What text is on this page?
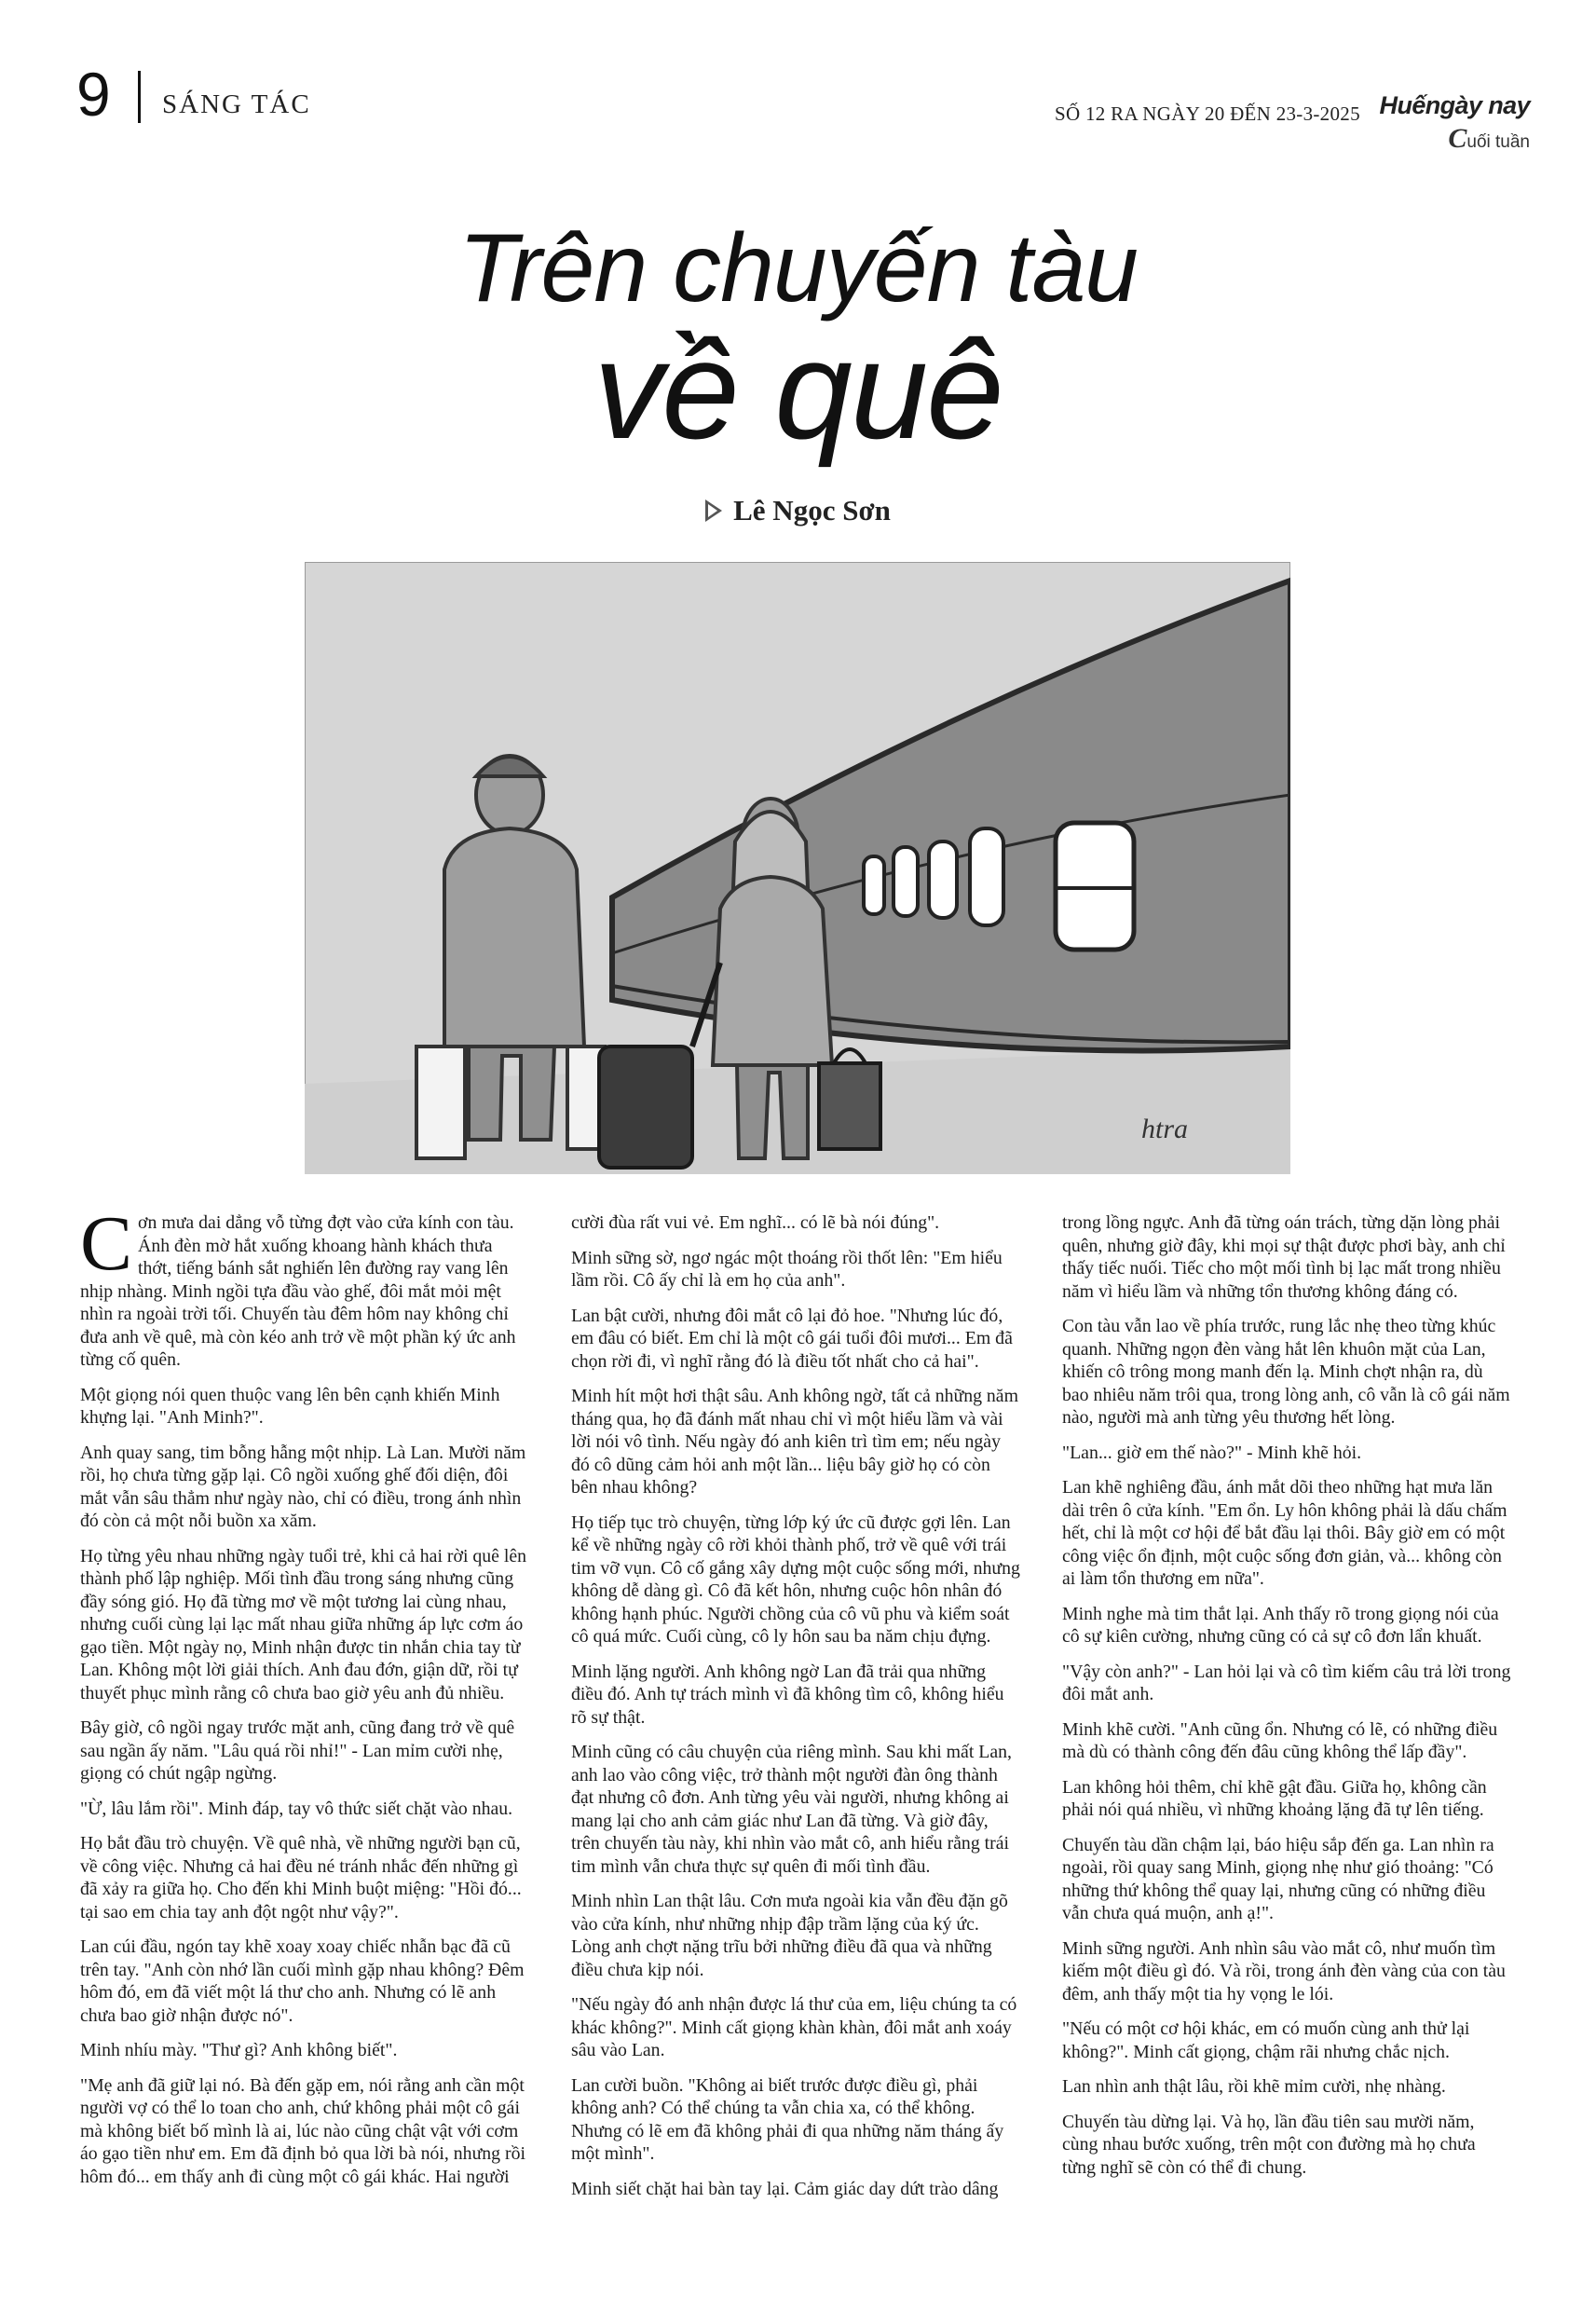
9 SÁNG TÁC	SỐ 12 RA NGÀY 20 ĐẾN 23-3-2025 Huếngày nay
Cuối tuần
Trên chuyến tàu
về quê
Lê Ngọc Sơn
htra

Cơn mưa dai dẳng vỗ từng đợt vào cửa kính con tàu. Ánh đèn mờ hắt xuống khoang hành khách thưa thớt, tiếng bánh sắt nghiến lên đường ray vang lên nhịp nhàng. Minh ngồi tựa đầu vào ghế, đôi mắt mỏi mệt nhìn ra ngoài trời tối. Chuyến tàu đêm hôm nay không chỉ đưa anh về quê, mà còn kéo anh trở về một phần ký ức anh từng cố quên.

Một giọng nói quen thuộc vang lên bên cạnh khiến Minh khựng lại. "Anh Minh?".

Anh quay sang, tim bỗng hẫng một nhịp. Là Lan. Mười năm rồi, họ chưa từng gặp lại. Cô ngồi xuống ghế đối diện, đôi mắt vẫn sâu thẳm như ngày nào, chỉ có điều, trong ánh nhìn đó còn cả một nỗi buồn xa xăm.

Họ từng yêu nhau những ngày tuổi trẻ, khi cả hai rời quê lên thành phố lập nghiệp. Mối tình đầu trong sáng nhưng cũng đầy sóng gió. Họ đã từng mơ về một tương lai cùng nhau, nhưng cuối cùng lại lạc mất nhau giữa những áp lực cơm áo gạo tiền. Một ngày nọ, Minh nhận được tin nhắn chia tay từ Lan. Không một lời giải thích. Anh đau đớn, giận dữ, rồi tự thuyết phục mình rằng cô chưa bao giờ yêu anh đủ nhiều.

Bây giờ, cô ngồi ngay trước mặt anh, cũng đang trở về quê sau ngần ấy năm. "Lâu quá rồi nhỉ!" - Lan mỉm cười nhẹ, giọng có chút ngập ngừng.

"Ừ, lâu lắm rồi". Minh đáp, tay vô thức siết chặt vào nhau.

Họ bắt đầu trò chuyện. Về quê nhà, về những người bạn cũ, về công việc. Nhưng cả hai đều né tránh nhắc đến những gì đã xảy ra giữa họ. Cho đến khi Minh buột miệng: "Hồi đó... tại sao em chia tay anh đột ngột như vậy?".

Lan cúi đầu, ngón tay khẽ xoay xoay chiếc nhẫn bạc đã cũ trên tay. "Anh còn nhớ lần cuối mình gặp nhau không? Đêm hôm đó, em đã viết một lá thư cho anh. Nhưng có lẽ anh chưa bao giờ nhận được nó".

Minh nhíu mày. "Thư gì? Anh không biết".

"Mẹ anh đã giữ lại nó. Bà đến gặp em, nói rằng anh cần một người vợ có thể lo toan cho anh, chứ không phải một cô gái mà không biết bố mình là ai, lúc nào cũng chật vật với cơm áo gạo tiền như em. Em đã định bỏ qua lời bà nói, nhưng rồi hôm đó... em thấy anh đi cùng một cô gái khác. Hai người

cười đùa rất vui vẻ. Em nghĩ... có lẽ bà nói đúng".

Minh sững sờ, ngơ ngác một thoáng rồi thốt lên: "Em hiểu lầm rồi. Cô ấy chỉ là em họ của anh".

Lan bật cười, nhưng đôi mắt cô lại đỏ hoe. "Nhưng lúc đó, em đâu có biết. Em chỉ là một cô gái tuổi đôi mươi... Em đã chọn rời đi, vì nghĩ rằng đó là điều tốt nhất cho cả hai".

Minh hít một hơi thật sâu. Anh không ngờ, tất cả những năm tháng qua, họ đã đánh mất nhau chỉ vì một hiểu lầm và vài lời nói vô tình. Nếu ngày đó anh kiên trì tìm em; nếu ngày đó cô dũng cảm hỏi anh một lần... liệu bây giờ họ có còn bên nhau không?

Họ tiếp tục trò chuyện, từng lớp ký ức cũ được gợi lên. Lan kể về những ngày cô rời khỏi thành phố, trở về quê với trái tim vỡ vụn. Cô cố gắng xây dựng một cuộc sống mới, nhưng không dễ dàng gì. Cô đã kết hôn, nhưng cuộc hôn nhân đó không hạnh phúc. Người chồng của cô vũ phu và kiểm soát cô quá mức. Cuối cùng, cô ly hôn sau ba năm chịu đựng.

Minh lặng người. Anh không ngờ Lan đã trải qua những điều đó. Anh tự trách mình vì đã không tìm cô, không hiểu rõ sự thật.

Minh cũng có câu chuyện của riêng mình. Sau khi mất Lan, anh lao vào công việc, trở thành một người đàn ông thành đạt nhưng cô đơn. Anh từng yêu vài người, nhưng không ai mang lại cho anh cảm giác như Lan đã từng. Và giờ đây, trên chuyến tàu này, khi nhìn vào mắt cô, anh hiểu rằng trái tim mình vẫn chưa thực sự quên đi mối tình đầu.

Minh nhìn Lan thật lâu. Cơn mưa ngoài kia vẫn đều đặn gõ vào cửa kính, như những nhịp đập trầm lặng của ký ức. Lòng anh chợt nặng trĩu bởi những điều đã qua và những điều chưa kịp nói.

"Nếu ngày đó anh nhận được lá thư của em, liệu chúng ta có khác không?". Minh cất giọng khàn khàn, đôi mắt anh xoáy sâu vào Lan.

Lan cười buồn. "Không ai biết trước được điều gì, phải không anh? Có thể chúng ta vẫn chia xa, có thể không. Nhưng có lẽ em đã không phải đi qua những năm tháng ấy một mình".

Minh siết chặt hai bàn tay lại. Cảm giác day dứt trào dâng

trong lồng ngực. Anh đã từng oán trách, từng dặn lòng phải quên, nhưng giờ đây, khi mọi sự thật được phơi bày, anh chỉ thấy tiếc nuối. Tiếc cho một mối tình bị lạc mất trong nhiều năm vì hiểu lầm và những tổn thương không đáng có.

Con tàu vẫn lao về phía trước, rung lắc nhẹ theo từng khúc quanh. Những ngọn đèn vàng hắt lên khuôn mặt của Lan, khiến cô trông mong manh đến lạ. Minh chợt nhận ra, dù bao nhiêu năm trôi qua, trong lòng anh, cô vẫn là cô gái năm nào, người mà anh từng yêu thương hết lòng.

"Lan... giờ em thế nào?" - Minh khẽ hỏi.

Lan khẽ nghiêng đầu, ánh mắt dõi theo những hạt mưa lăn dài trên ô cửa kính. "Em ổn. Ly hôn không phải là dấu chấm hết, chỉ là một cơ hội để bắt đầu lại thôi. Bây giờ em có một công việc ổn định, một cuộc sống đơn giản, và... không còn ai làm tổn thương em nữa".

Minh nghe mà tim thắt lại. Anh thấy rõ trong giọng nói của cô sự kiên cường, nhưng cũng có cả sự cô đơn lẩn khuất.

"Vậy còn anh?" - Lan hỏi lại và cô tìm kiếm câu trả lời trong đôi mắt anh.

Minh khẽ cười. "Anh cũng ổn. Nhưng có lẽ, có những điều mà dù có thành công đến đâu cũng không thể lấp đầy".

Lan không hỏi thêm, chỉ khẽ gật đầu. Giữa họ, không cần phải nói quá nhiều, vì những khoảng lặng đã tự lên tiếng.

Chuyến tàu dần chậm lại, báo hiệu sắp đến ga. Lan nhìn ra ngoài, rồi quay sang Minh, giọng nhẹ như gió thoảng: "Có những thứ không thể quay lại, nhưng cũng có những điều vẫn chưa quá muộn, anh ạ!".

Minh sững người. Anh nhìn sâu vào mắt cô, như muốn tìm kiếm một điều gì đó. Và rồi, trong ánh đèn vàng của con tàu đêm, anh thấy một tia hy vọng le lói.

"Nếu có một cơ hội khác, em có muốn cùng anh thử lại không?". Minh cất giọng, chậm rãi nhưng chắc nịch.

Lan nhìn anh thật lâu, rồi khẽ mỉm cười, nhẹ nhàng.

Chuyến tàu dừng lại. Và họ, lần đầu tiên sau mười năm, cùng nhau bước xuống, trên một con đường mà họ chưa từng nghĩ sẽ còn có thể đi chung.
